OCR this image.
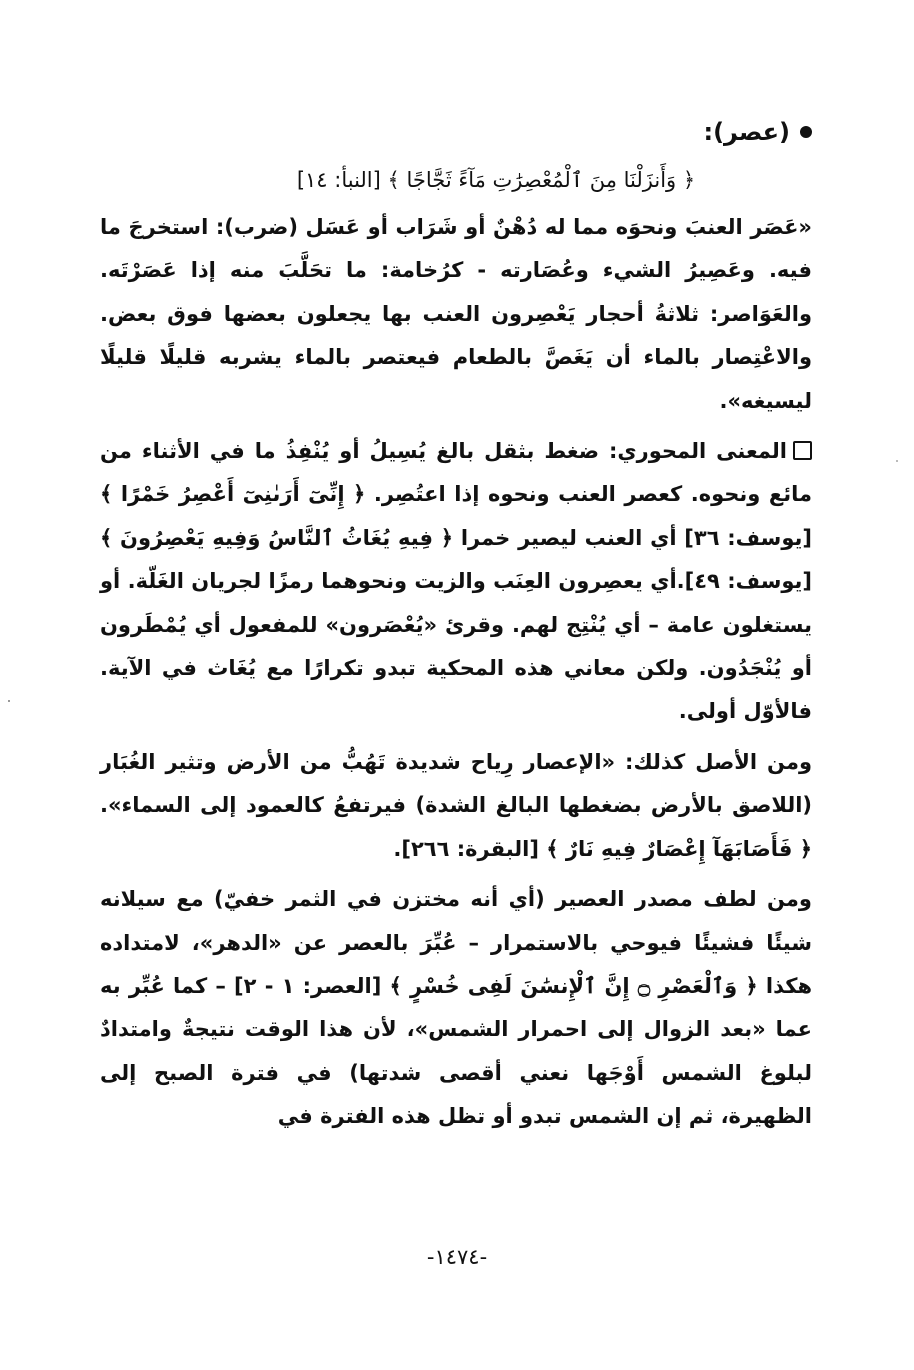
(عصر):
﴿ وَأَنزَلْنَا مِنَ ٱلْمُعْصِرَٰتِ مَآءً ثَجَّاجًا ﴾ [النبأ: ١٤]

«عَصَر العنبَ ونحوَه مما له دُهْنٌ أو شَرَاب أو عَسَل (ضرب): استخرجَ ما فيه. وعَصِيرُ الشيء وعُصَارته - كرُخامة: ما تحَلَّبَ منه إذا عَصَرْتَه. والعَوَاصر: ثلاثةُ أحجار يَعْصِرون العنب بها يجعلون بعضها فوق بعض. والاعْتِصار بالماء أن يَغَصَّ بالطعام فيعتصر بالماء يشربه قليلًا قليلًا ليسيغه».

المعنى المحوري: ضغط بثقل بالغ يُسِيلُ أو يُنْفِذُ ما في الأثناء من مائع ونحوه. كعصر العنب ونحوه إذا اعتُصِر. ﴿ إِنِّىٓ أَرَىٰنِىٓ أَعْصِرُ خَمْرًا ﴾ [يوسف: ٣٦] أي العنب ليصير خمرا ﴿ فِيهِ يُغَاثُ ٱلنَّاسُ وَفِيهِ يَعْصِرُونَ ﴾ [يوسف: ٤٩].أي يعصِرون العِنَب والزيت ونحوهما رمزًا لجريان الغَلّة. أو يستغلون عامة – أي يُنْتِج لهم. وقرئ «يُعْصَرون» للمفعول أي يُمْطَرون أو يُنْجَدُون. ولكن معاني هذه المحكية تبدو تكرارًا مع يُغَاث في الآية. فالأوّل أولى.

ومن الأصل كذلك: «الإعصار رِياح شديدة تَهُبُّ من الأرض وتثير الغُبَار (اللاصق بالأرض بضغطها البالغ الشدة) فيرتفعُ كالعمود إلى السماء». ﴿ فَأَصَابَهَآ إِعْصَارٌ فِيهِ نَارٌ ﴾ [البقرة: ٢٦٦].

ومن لطف مصدر العصير (أي أنه مختزن في الثمر خفيّ) مع سيلانه شيئًا فشيئًا فيوحي بالاستمرار – عُبِّرَ بالعصر عن «الدهر»، لامتداده هكذا ﴿ وَٱلْعَصْرِ ۝ إِنَّ ٱلْإِنسَٰنَ لَفِى خُسْرٍ ﴾ [العصر: ١ - ٢] – كما عُبِّر به عما «بعد الزوال إلى احمرار الشمس»، لأن هذا الوقت نتيجةٌ وامتدادٌ لبلوغ الشمس أَوْجَها نعني أقصى شدتها) في فترة الصبح إلى الظهيرة، ثم إن الشمس تبدو أو تظل هذه الفترة في

-١٤٧٤-
